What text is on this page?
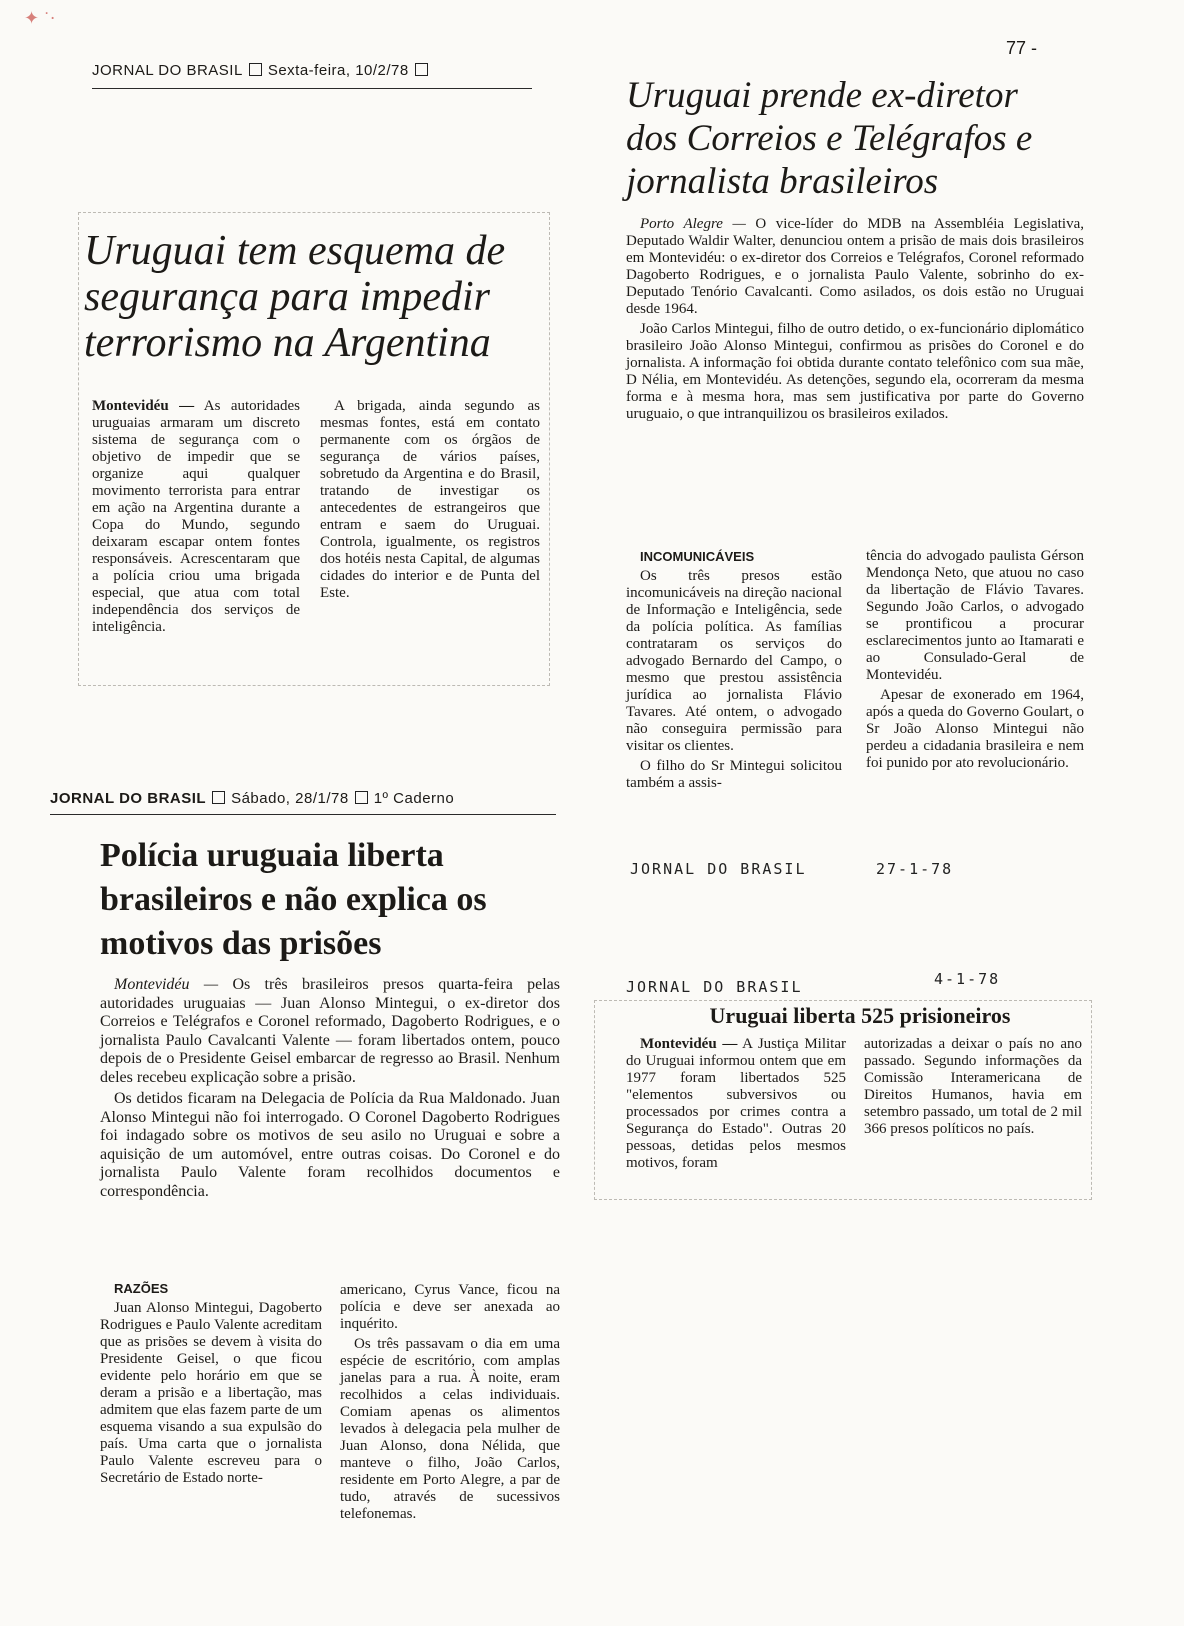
✦ ˙·
77 -
JORNAL DO BRASIL Sexta-feira, 10/2/78
Uruguai tem esquema de segurança para impedir terrorismo na Argentina

Montevidéu — As autoridades uruguaias armaram um discreto sistema de segurança com o objetivo de impedir que se organize aqui qualquer movimento terrorista para entrar em ação na Argentina durante a Copa do Mundo, segundo deixaram escapar ontem fontes responsáveis. Acrescentaram que a polícia criou uma brigada especial, que atua com total independência dos serviços de inteligência.

A brigada, ainda segundo as mesmas fontes, está em contato permanente com os órgãos de segurança de vários países, sobretudo da Argentina e do Brasil, tratando de investigar os antecedentes de estrangeiros que entram e saem do Uruguai. Controla, igualmente, os registros dos hotéis nesta Capital, de algumas cidades do interior e de Punta del Este.

Uruguai prende ex-diretor dos Correios e Telégrafos e jornalista brasileiros

Porto Alegre — O vice-líder do MDB na Assembléia Legislativa, Deputado Waldir Walter, denunciou ontem a prisão de mais dois brasileiros em Montevidéu: o ex-diretor dos Correios e Telégrafos, Coronel reformado Dagoberto Rodrigues, e o jornalista Paulo Valente, sobrinho do ex-Deputado Tenório Cavalcanti. Como asilados, os dois estão no Uruguai desde 1964.

João Carlos Mintegui, filho de outro detido, o ex-funcionário diplomático brasileiro João Alonso Mintegui, confirmou as prisões do Coronel e do jornalista. A informação foi obtida durante contato telefônico com sua mãe, D Nélia, em Montevidéu. As detenções, segundo ela, ocorreram da mesma forma e à mesma hora, mas sem justificativa por parte do Governo uruguaio, o que intranquilizou os brasileiros exilados.

INCOMUNICÁVEIS

Os três presos estão incomunicáveis na direção nacional de Informação e Inteligência, sede da polícia política. As famílias contrataram os serviços do advogado Bernardo del Campo, o mesmo que prestou assistência jurídica ao jornalista Flávio Tavares. Até ontem, o advogado não conseguira permissão para visitar os clientes.

O filho do Sr Mintegui solicitou também a assis-

tência do advogado paulista Gérson Mendonça Neto, que atuou no caso da libertação de Flávio Tavares. Segundo João Carlos, o advogado se prontificou a procurar esclarecimentos junto ao Itamarati e ao Consulado-Geral de Montevidéu.

Apesar de exonerado em 1964, após a queda do Governo Goulart, o Sr João Alonso Mintegui não perdeu a cidadania brasileira e nem foi punido por ato revolucionário.

JORNAL DO BRASIL	27-1-78
JORNAL DO BRASIL Sábado, 28/1/78 1º Caderno
Polícia uruguaia liberta brasileiros e não explica os motivos das prisões

Montevidéu — Os três brasileiros presos quarta-feira pelas autoridades uruguaias — Juan Alonso Mintegui, o ex-diretor dos Correios e Telégrafos e Coronel reformado, Dagoberto Rodrigues, e o jornalista Paulo Cavalcanti Valente — foram libertados ontem, pouco depois de o Presidente Geisel embarcar de regresso ao Brasil. Nenhum deles recebeu explicação sobre a prisão.

Os detidos ficaram na Delegacia de Polícia da Rua Maldonado. Juan Alonso Mintegui não foi interrogado. O Coronel Dagoberto Rodrigues foi indagado sobre os motivos de seu asilo no Uruguai e sobre a aquisição de um automóvel, entre outras coisas. Do Coronel e do jornalista Paulo Valente foram recolhidos documentos e correspondência.

RAZÕES

Juan Alonso Mintegui, Dagoberto Rodrigues e Paulo Valente acreditam que as prisões se devem à visita do Presidente Geisel, o que ficou evidente pelo horário em que se deram a prisão e a libertação, mas admitem que elas fazem parte de um esquema visando a sua expulsão do país. Uma carta que o jornalista Paulo Valente escreveu para o Secretário de Estado norte-

americano, Cyrus Vance, ficou na polícia e deve ser anexada ao inquérito.

Os três passavam o dia em uma espécie de escritório, com amplas janelas para a rua. À noite, eram recolhidos a celas individuais. Comiam apenas os alimentos levados à delegacia pela mulher de Juan Alonso, dona Nélida, que manteve o filho, João Carlos, residente em Porto Alegre, a par de tudo, através de sucessivos telefonemas.

JORNAL DO BRASIL	4-1-78
Uruguai liberta 525 prisioneiros

Montevidéu — A Justiça Militar do Uruguai informou ontem que em 1977 foram libertados 525 "elementos subversivos ou processados por crimes contra a Segurança do Estado". Outras 20 pessoas, detidas pelos mesmos motivos, foram

autorizadas a deixar o país no ano passado. Segundo informações da Comissão Interamericana de Direitos Humanos, havia em setembro passado, um total de 2 mil 366 presos políticos no país.
